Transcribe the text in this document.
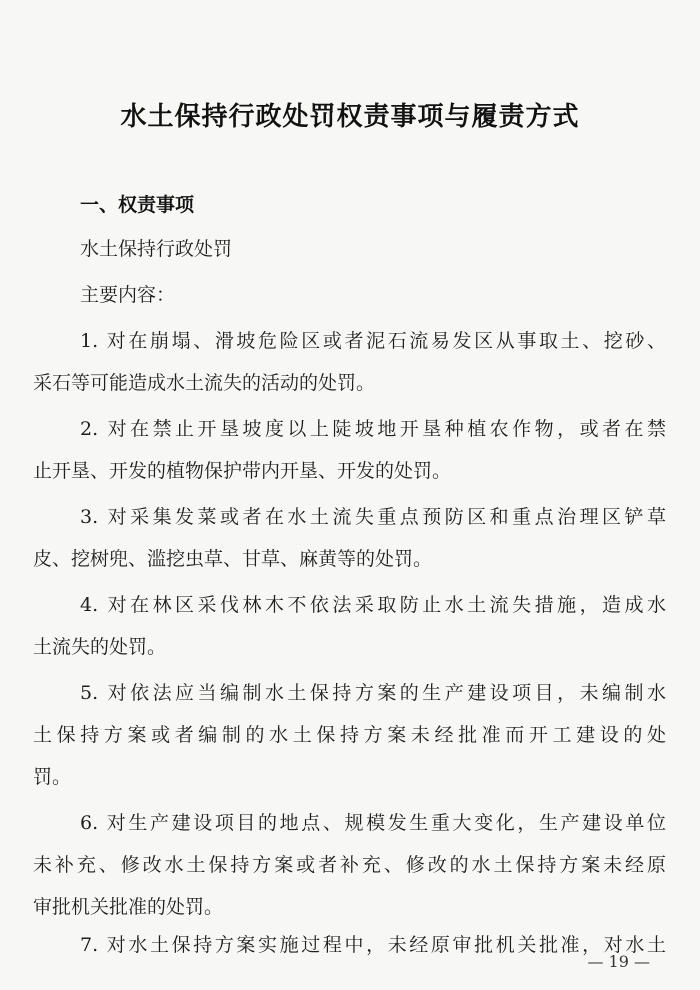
水土保持行政处罚权责事项与履责方式
一、权责事项
水土保持行政处罚
主要内容：
1. 对在崩塌、滑坡危险区或者泥石流易发区从事取土、挖砂、
采石等可能造成水土流失的活动的处罚。
2. 对在禁止开垦坡度以上陡坡地开垦种植农作物，或者在禁
止开垦、开发的植物保护带内开垦、开发的处罚。
3. 对采集发菜或者在水土流失重点预防区和重点治理区铲草
皮、挖树兜、滥挖虫草、甘草、麻黄等的处罚。
4. 对在林区采伐林木不依法采取防止水土流失措施，造成水
土流失的处罚。
5. 对依法应当编制水土保持方案的生产建设项目，未编制水
土保持方案或者编制的水土保持方案未经批准而开工建设的处
罚。
6. 对生产建设项目的地点、规模发生重大变化，生产建设单位
未补充、修改水土保持方案或者补充、修改的水土保持方案未经原
审批机关批准的处罚。
7. 对水土保持方案实施过程中，未经原审批机关批准，对水土
— 19 —
